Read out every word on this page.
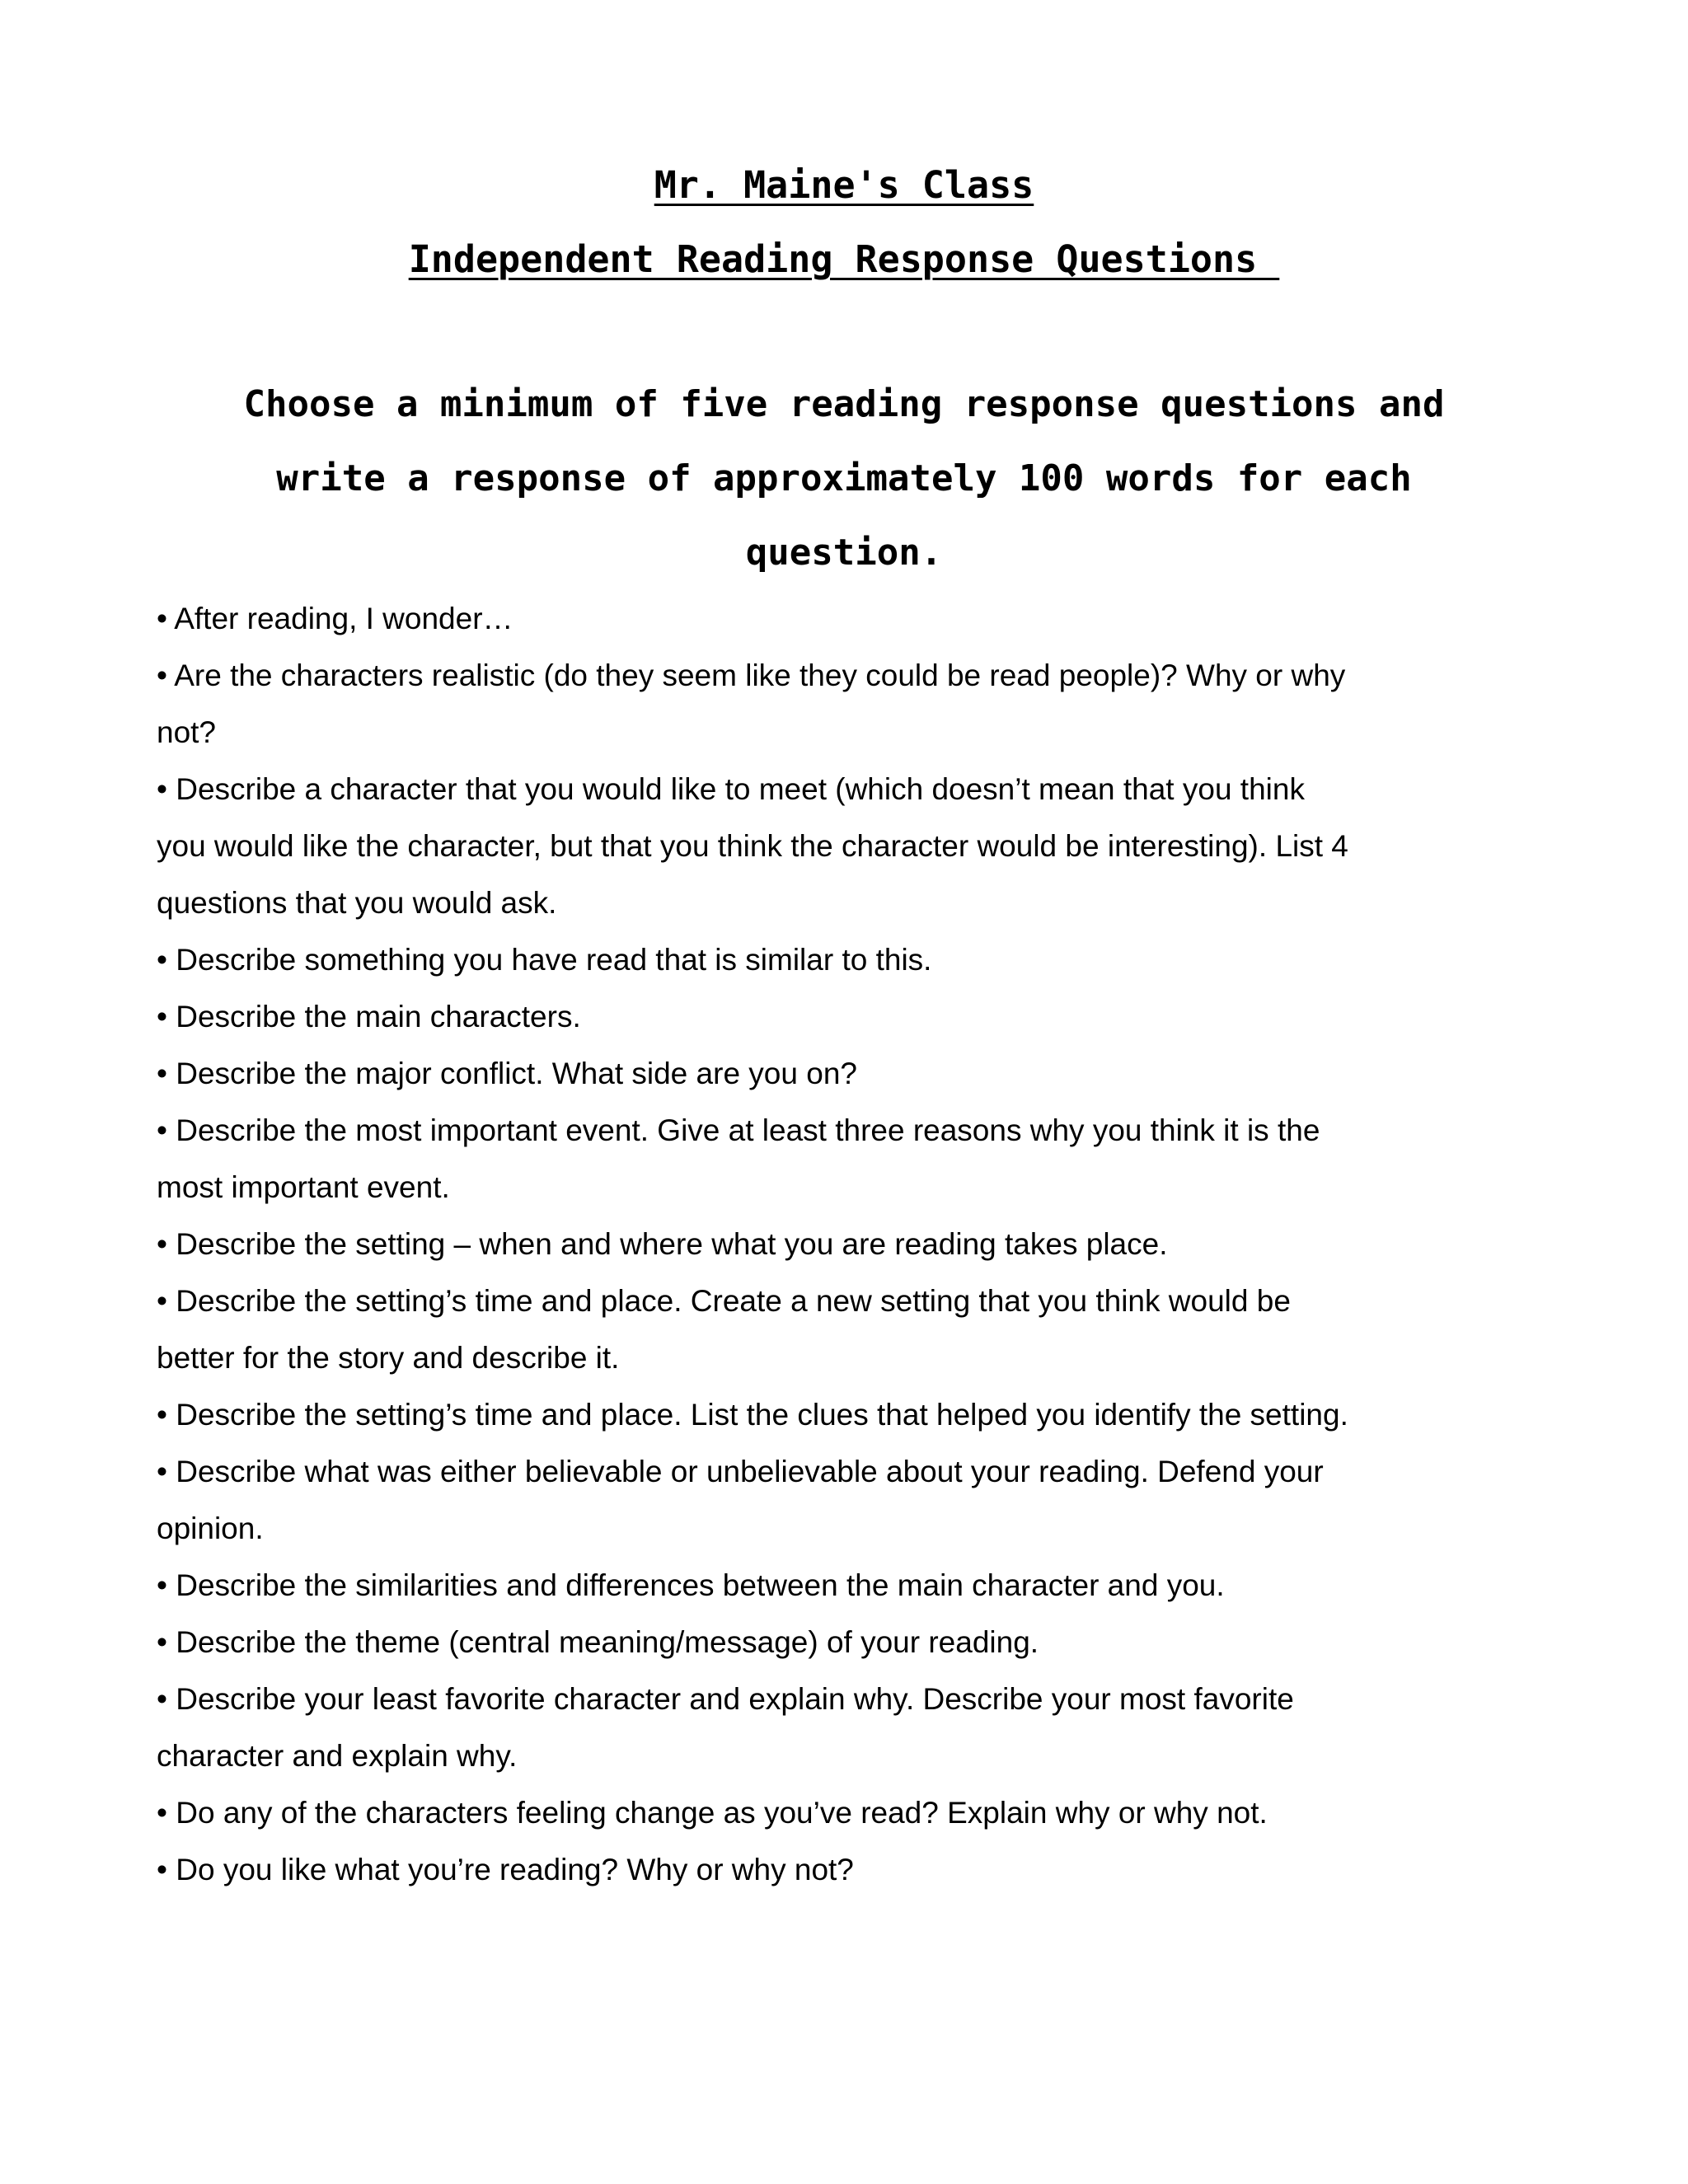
Mr. Maine's Class
Independent Reading Response Questions
Choose a minimum of five reading response questions and write a response of approximately 100 words for each question.
• After reading, I wonder…
• Are the characters realistic (do they seem like they could be read people)? Why or why not?
• Describe a character that you would like to meet (which doesn’t mean that you think you would like the character, but that you think the character would be interesting). List 4 questions that you would ask.
• Describe something you have read that is similar to this.
• Describe the main characters.
• Describe the major conflict. What side are you on?
• Describe the most important event. Give at least three reasons why you think it is the most important event.
• Describe the setting – when and where what you are reading takes place.
• Describe the setting’s time and place. Create a new setting that you think would be better for the story and describe it.
• Describe the setting’s time and place. List the clues that helped you identify the setting.
• Describe what was either believable or unbelievable about your reading. Defend your opinion.
• Describe the similarities and differences between the main character and you.
• Describe the theme (central meaning/message) of your reading.
• Describe your least favorite character and explain why. Describe your most favorite character and explain why.
• Do any of the characters feeling change as you’ve read? Explain why or why not.
• Do you like what you’re reading? Why or why not?
